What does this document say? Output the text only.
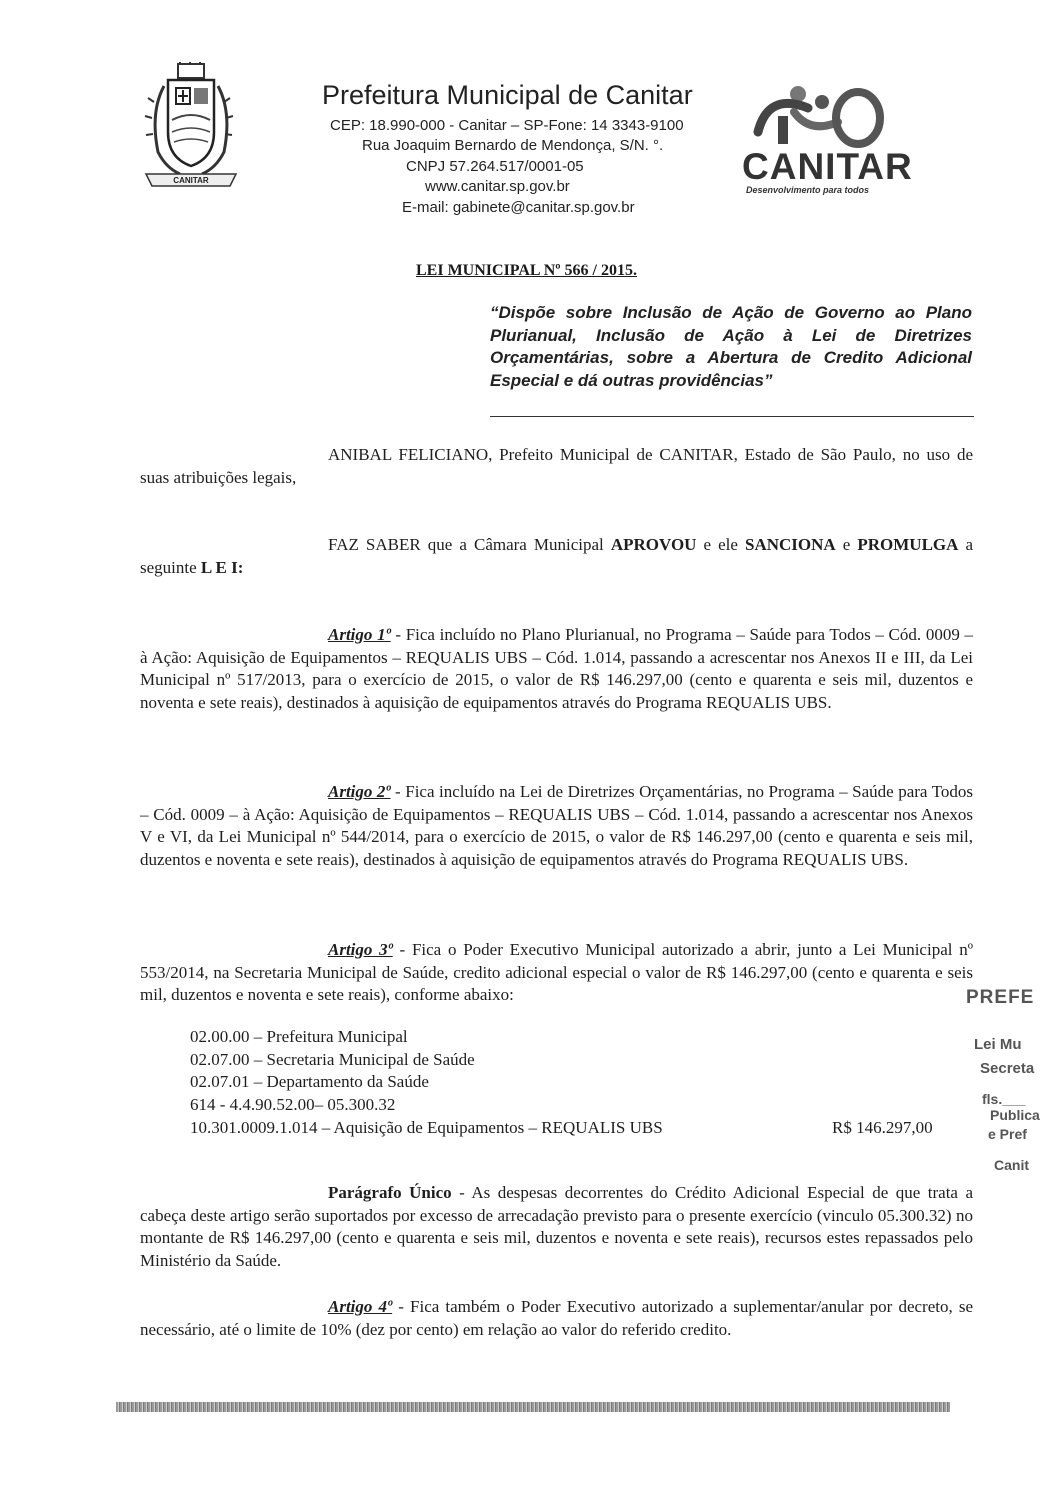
CANITAR
Prefeitura Municipal de Canitar
CEP: 18.990-000 - Canitar – SP-Fone: 14 3343-9100
Rua Joaquim Bernardo de Mendonça, S/N. °.
CNPJ 57.264.517/0001-05
www.canitar.sp.gov.br
E-mail: gabinete@canitar.sp.gov.br
CANITAR
Desenvolvimento para todos
LEI MUNICIPAL Nº 566 / 2015.
“Dispõe sobre Inclusão de Ação de Governo ao Plano Plurianual, Inclusão de Ação à Lei de Diretrizes Orçamentárias, sobre a Abertura de Credito Adicional Especial e dá outras providências”
ANIBAL FELICIANO, Prefeito Municipal de CANITAR, Estado de São Paulo, no uso de suas atribuições legais,
FAZ SABER que a Câmara Municipal APROVOU e ele SANCIONA e PROMULGA a seguinte L E I:
Artigo 1º - Fica incluído no Plano Plurianual, no Programa – Saúde para Todos – Cód. 0009 – à Ação: Aquisição de Equipamentos – REQUALIS UBS – Cód. 1.014, passando a acrescentar nos Anexos II e III, da Lei Municipal nº 517/2013, para o exercício de 2015, o valor de R$ 146.297,00 (cento e quarenta e seis mil, duzentos e noventa e sete reais), destinados à aquisição de equipamentos através do Programa REQUALIS UBS.
Artigo 2º - Fica incluído na Lei de Diretrizes Orçamentárias, no Programa – Saúde para Todos – Cód. 0009 – à Ação: Aquisição de Equipamentos – REQUALIS UBS – Cód. 1.014, passando a acrescentar nos Anexos V e VI, da Lei Municipal nº 544/2014, para o exercício de 2015, o valor de R$ 146.297,00 (cento e quarenta e seis mil, duzentos e noventa e sete reais), destinados à aquisição de equipamentos através do Programa REQUALIS UBS.
Artigo 3º - Fica o Poder Executivo Municipal autorizado a abrir, junto a Lei Municipal nº 553/2014, na Secretaria Municipal de Saúde, credito adicional especial o valor de R$ 146.297,00 (cento e quarenta e seis mil, duzentos e noventa e sete reais), conforme abaixo:
02.00.00 – Prefeitura Municipal
02.07.00 – Secretaria Municipal de Saúde
02.07.01 – Departamento da Saúde
614 - 4.4.90.52.00– 05.300.32
10.301.0009.1.014 – Aquisição de Equipamentos – REQUALIS UBS	R$ 146.297,00
Parágrafo Único - As despesas decorrentes do Crédito Adicional Especial de que trata a cabeça deste artigo serão suportados por excesso de arrecadação previsto para o presente exercício (vinculo 05.300.32) no montante de R$ 146.297,00 (cento e quarenta e seis mil, duzentos e noventa e sete reais), recursos estes repassados pelo Ministério da Saúde.
Artigo 4º - Fica também o Poder Executivo autorizado a suplementar/anular por decreto, se necessário, até o limite de 10% (dez por cento) em relação ao valor do referido credito.
PREFE
Lei Mu
Secreta
fls.___
Publica
e Pref
Canit
